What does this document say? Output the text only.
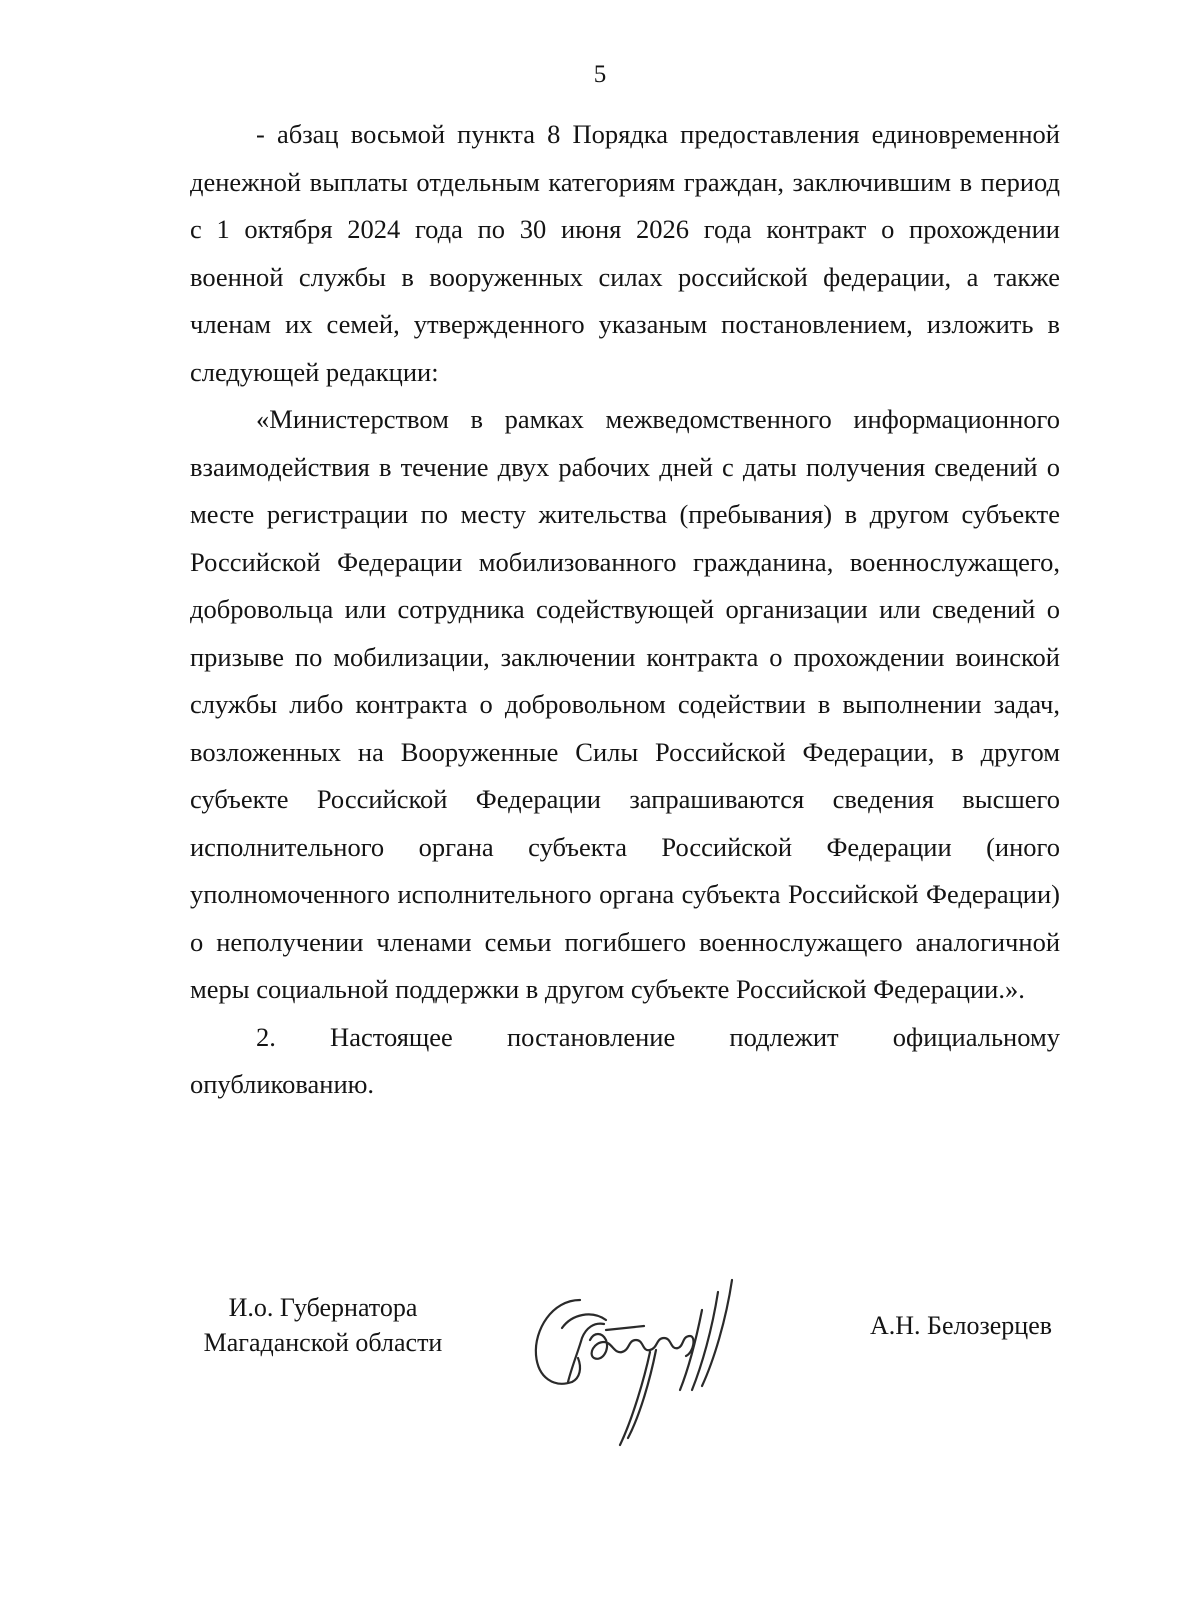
5

- абзац восьмой пункта 8 Порядка предоставления единовременной денежной выплаты отдельным категориям граждан, заключившим в период с 1 октября 2024 года по 30 июня 2026 года контракт о прохождении военной службы в вооруженных силах российской федерации, а также членам их семей, утвержденного указаным постановлением, изложить в следующей редакции:

«Министерством в рамках межведомственного информационного взаимодействия в течение двух рабочих дней с даты получения сведений о месте регистрации по месту жительства (пребывания) в другом субъекте Российской Федерации мобилизованного гражданина, военнослужащего, добровольца или сотрудника содействующей организации или сведений о призыве по мобилизации, заключении контракта о прохождении воинской службы либо контракта о добровольном содействии в выполнении задач, возложенных на Вооруженные Силы Российской Федерации, в другом субъекте Российской Федерации запрашиваются сведения высшего исполнительного органа субъекта Российской Федерации (иного уполномоченного исполнительного органа субъекта Российской Федерации) о неполучении членами семьи погибшего военнослужащего аналогичной меры социальной поддержки в другом субъекте Российской Федерации.».

2. Настоящее постановление подлежит официальному опубликованию.

И.о. Губернатора
Магаданской области
А.Н. Белозерцев
